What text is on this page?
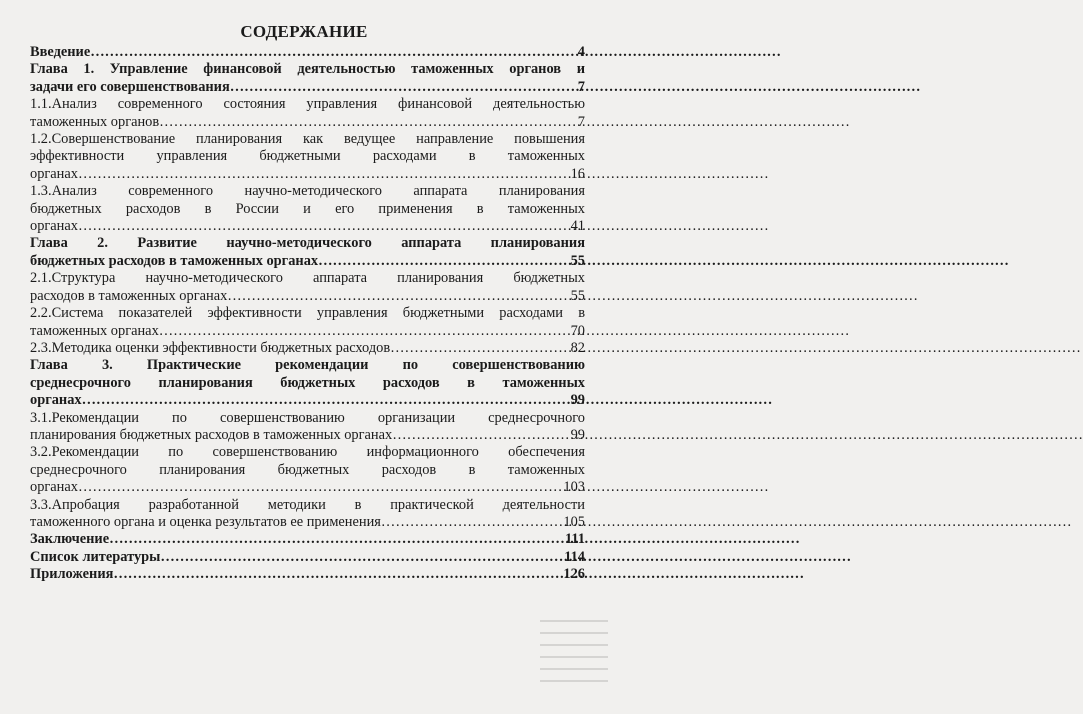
СОДЕРЖАНИЕ
Введение ………………………………………………………………………………………………………………………………	4
Глава 1. Управление финансовой деятельностью таможенных органов и
задачи его совершенствования ………………………………………………………………………………………………………………………………	7
1.1.Анализ современного состояния управления финансовой деятельностью
таможенных органов ………………………………………………………………………………………………………………………………	7
1.2.Совершенствование планирования как ведущее направление повышения
эффективности управления бюджетными расходами в таможенных
органах ………………………………………………………………………………………………………………………………	16
1.3.Анализ современного научно-методического аппарата планирования
бюджетных расходов в России и его применения в таможенных
органах ………………………………………………………………………………………………………………………………	41
Глава 2. Развитие научно-методического аппарата планирования
бюджетных расходов в таможенных органах ………………………………………………………………………………………………………………………………	55
2.1.Структура научно-методического аппарата планирования бюджетных
расходов в таможенных органах ………………………………………………………………………………………………………………………………	55
2.2.Система показателей эффективности управления бюджетными расходами в
таможенных органах ………………………………………………………………………………………………………………………………	70
2.3.Методика оценки эффективности бюджетных расходов ………………………………………………………………………………………………………………………………	82
Глава 3. Практические рекомендации по совершенствованию
среднесрочного планирования бюджетных расходов в таможенных
органах ………………………………………………………………………………………………………………………………	99
3.1.Рекомендации по совершенствованию организации среднесрочного
планирования бюджетных расходов в таможенных органах ………………………………………………………………………………………………………………………………	99
3.2.Рекомендации по совершенствованию информационного обеспечения
среднесрочного планирования бюджетных расходов в таможенных
органах ………………………………………………………………………………………………………………………………	103
3.3.Апробация разработанной методики в практической деятельности
таможенного органа и оценка результатов ее применения ………………………………………………………………………………………………………………………………	105
Заключение ………………………………………………………………………………………………………………………………	111
Список литературы ………………………………………………………………………………………………………………………………	114
Приложения ………………………………………………………………………………………………………………………………	126
